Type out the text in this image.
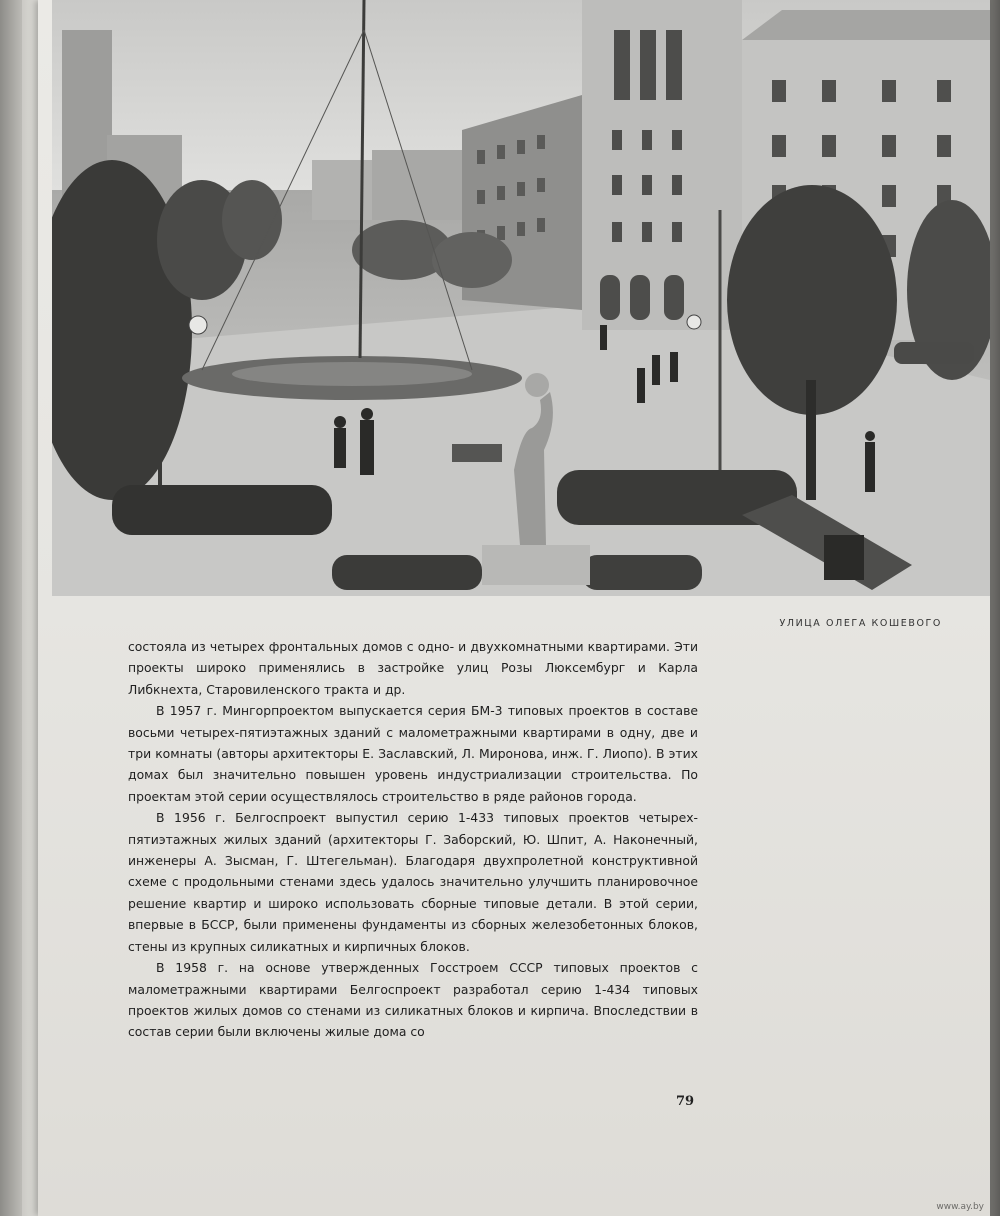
УЛИЦА ОЛЕГА КОШЕВОГО

состояла из четырех фронтальных домов с одно- и двухкомнатными квартирами. Эти проекты широко применялись в застройке улиц Розы Люксембург и Карла Либкнехта, Старовиленского тракта и др.

В 1957 г. Мингорпроектом выпускается серия БМ-3 типовых проектов в составе восьми четырех-пятиэтажных зданий с малометражными квартирами в одну, две и три комнаты (авторы архитекторы Е. Заславский, Л. Миронова, инж. Г. Лиопо). В этих домах был значительно повышен уровень индустриализации строительства. По проектам этой серии осуществлялось строительство в ряде районов города.

В 1956 г. Белгоспроект выпустил серию 1-433 типовых проектов четырех-пятиэтажных жилых зданий (архитекторы Г. Заборский, Ю. Шпит, А. Наконечный, инженеры А. Зысман, Г. Штегельман). Благодаря двухпролетной конструктивной схеме с продольными стенами здесь удалось значительно улучшить планировочное решение квартир и широко использовать сборные типовые детали. В этой серии, впервые в БССР, были применены фундаменты из сборных железобетонных блоков, стены из крупных силикатных и кирпичных блоков.

В 1958 г. на основе утвержденных Госстроем СССР типовых проектов с малометражными квартирами Белгоспроект разработал серию 1-434 типовых проектов жилых домов со стенами из силикатных блоков и кирпича. Впоследствии в состав серии были включены жилые дома со

79
www.ay.by
